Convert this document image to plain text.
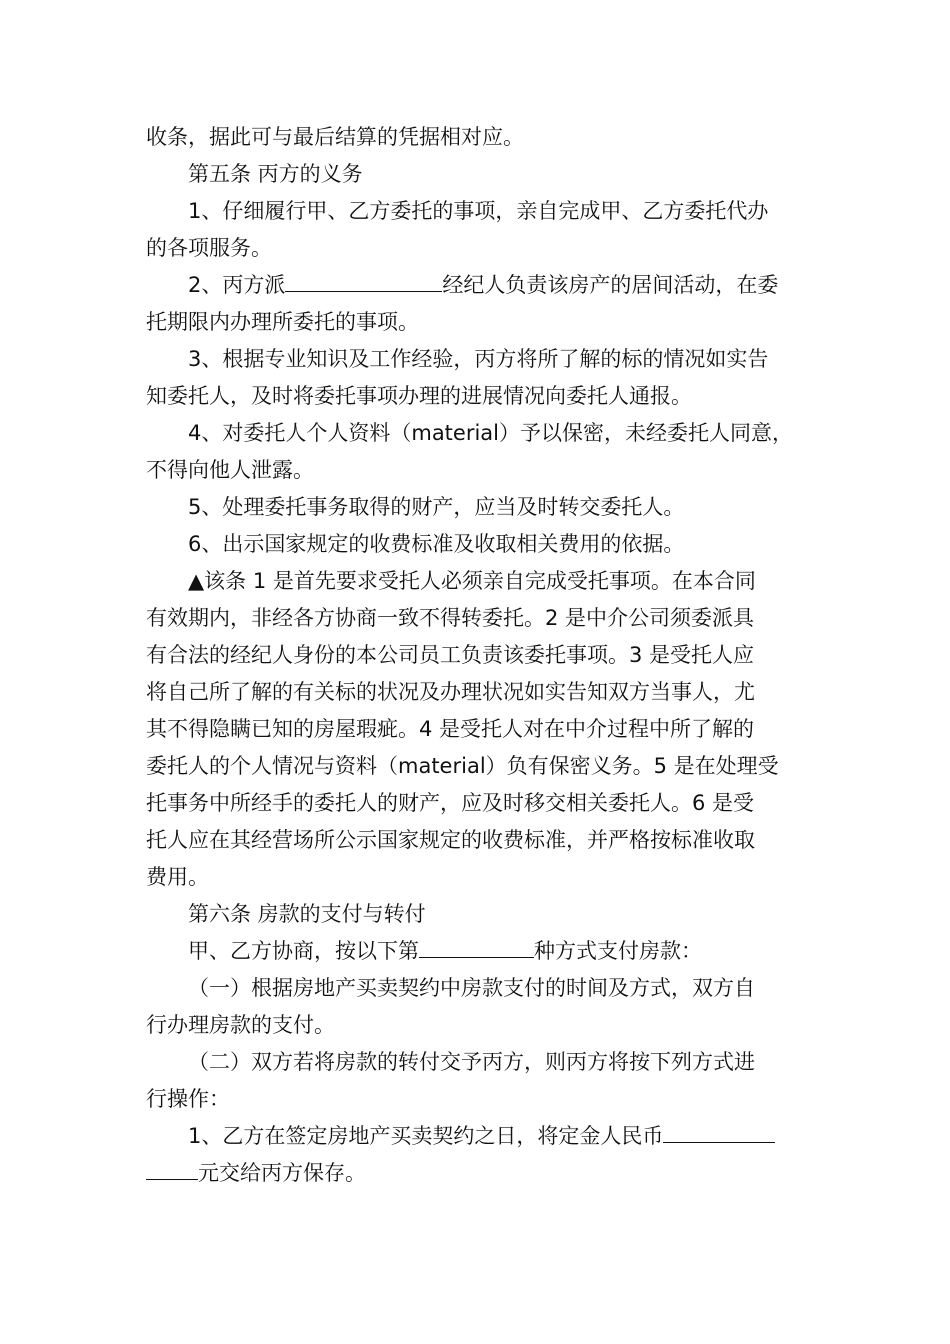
收条，据此可与最后结算的凭据相对应。
第五条 丙方的义务
1、仔细履行甲、乙方委托的事项，亲自完成甲、乙方委托代办
的各项服务。
2、丙方派	经纪人负责该房产的居间活动，在委
托期限内办理所委托的事项。
3、根据专业知识及工作经验，丙方将所了解的标的情况如实告
知委托人，及时将委托事项办理的进展情况向委托人通报。
4、对委托人个人资料（material）予以保密，未经委托人同意，
不得向他人泄露。
5、处理委托事务取得的财产，应当及时转交委托人。
6、出示国家规定的收费标准及收取相关费用的依据。
▲该条 1 是首先要求受托人必须亲自完成受托事项。在本合同
有效期内，非经各方协商一致不得转委托。2 是中介公司须委派具
有合法的经纪人身份的本公司员工负责该委托事项。3 是受托人应
将自己所了解的有关标的状况及办理状况如实告知双方当事人，尤
其不得隐瞒已知的房屋瑕疵。4 是受托人对在中介过程中所了解的
委托人的个人情况与资料（material）负有保密义务。5 是在处理受
托事务中所经手的委托人的财产，应及时移交相关委托人。6 是受
托人应在其经营场所公示国家规定的收费标准，并严格按标准收取
费用。
第六条 房款的支付与转付
甲、乙方协商，按以下第	种方式支付房款：
（一）根据房地产买卖契约中房款支付的时间及方式，双方自
行办理房款的支付。
（二）双方若将房款的转付交予丙方，则丙方将按下列方式进
行操作：
1、乙方在签定房地产买卖契约之日，将定金人民币
元交给丙方保存。
